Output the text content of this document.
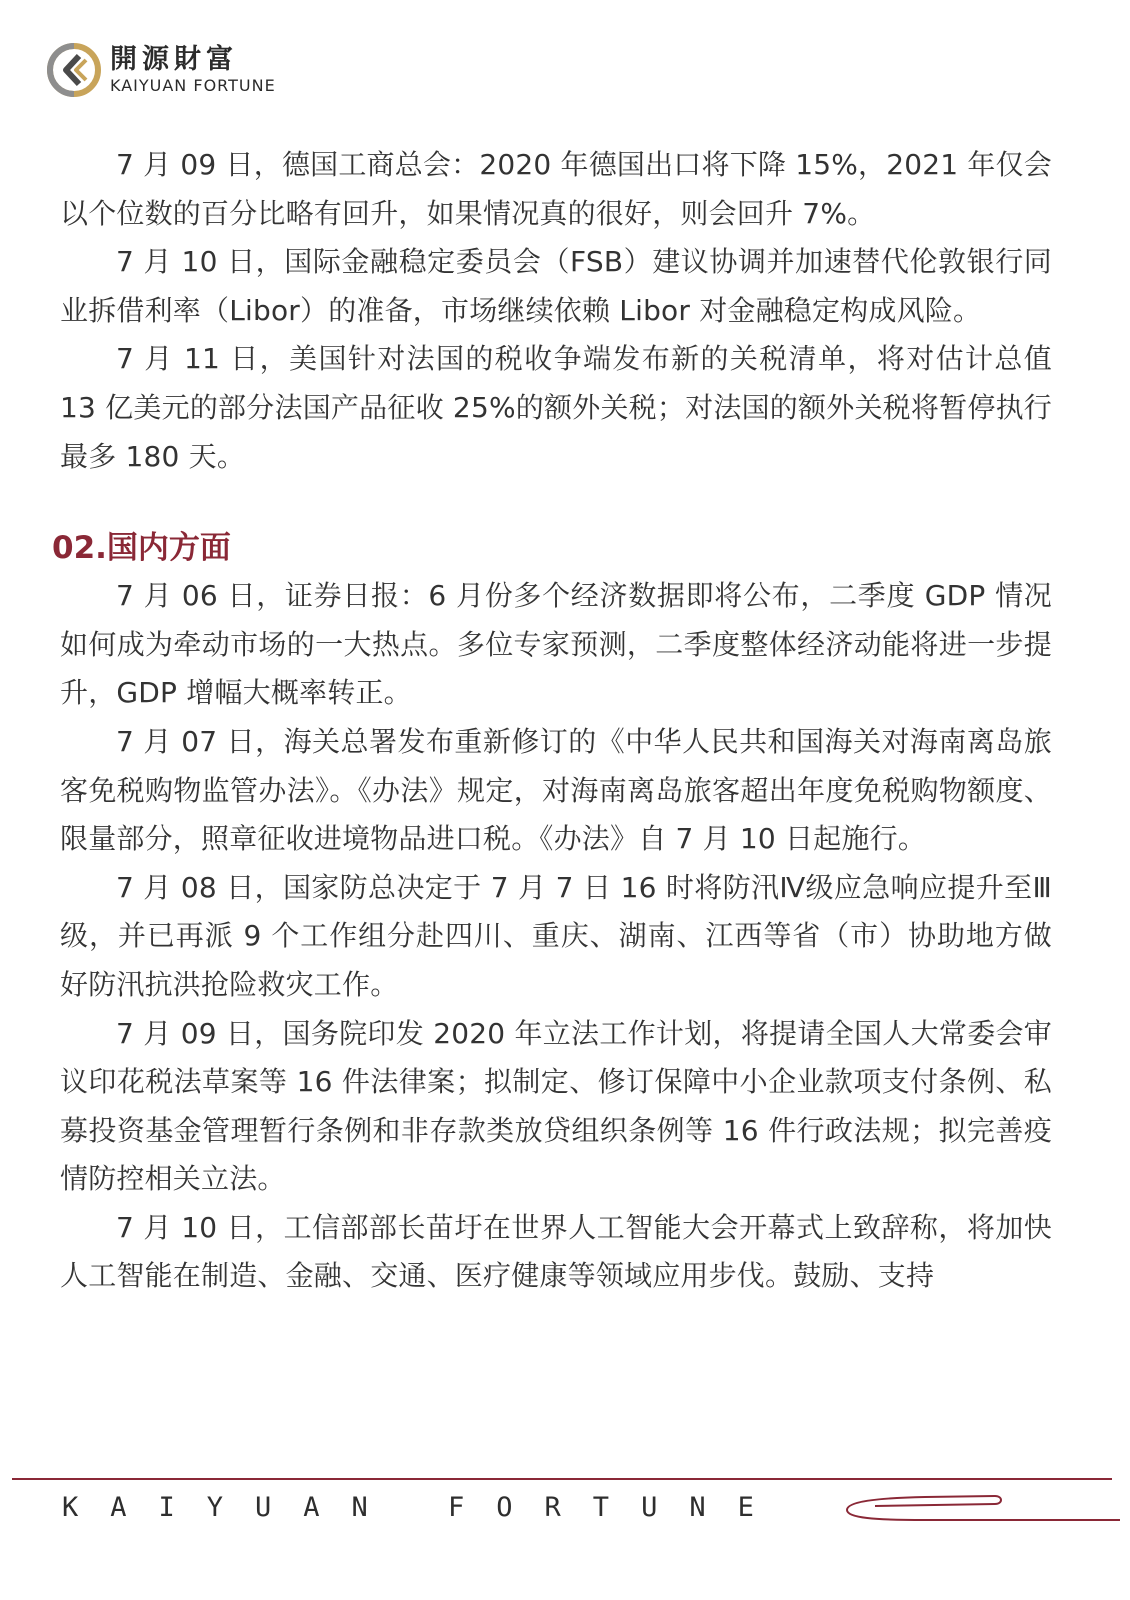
開源財富
KAIYUAN FORTUNE

7 月 09 日，德国工商总会：2020 年德国出口将下降 15%，2021 年仅会以个位数的百分比略有回升，如果情况真的很好，则会回升 7%。

7 月 10 日，国际金融稳定委员会（FSB）建议协调并加速替代伦敦银行同业拆借利率（Libor）的准备，市场继续依赖 Libor 对金融稳定构成风险。

7 月 11 日，美国针对法国的税收争端发布新的关税清单，将对估计总值 13 亿美元的部分法国产品征收 25%的额外关税；对法国的额外关税将暂停执行最多 180 天。

02.国内方面

7 月 06 日，证券日报：6 月份多个经济数据即将公布，二季度 GDP 情况如何成为牵动市场的一大热点。多位专家预测，二季度整体经济动能将进一步提升，GDP 增幅大概率转正。

7 月 07 日，海关总署发布重新修订的《中华人民共和国海关对海南离岛旅客免税购物监管办法》。《办法》规定，对海南离岛旅客超出年度免税购物额度、限量部分，照章征收进境物品进口税。《办法》自 7 月 10 日起施行。

7 月 08 日，国家防总决定于 7 月 7 日 16 时将防汛Ⅳ级应急响应提升至Ⅲ级，并已再派 9 个工作组分赴四川、重庆、湖南、江西等省（市）协助地方做好防汛抗洪抢险救灾工作。

7 月 09 日，国务院印发 2020 年立法工作计划，将提请全国人大常委会审议印花税法草案等 16 件法律案；拟制定、修订保障中小企业款项支付条例、私募投资基金管理暂行条例和非存款类放贷组织条例等 16 件行政法规；拟完善疫情防控相关立法。

7 月 10 日，工信部部长苗圩在世界人工智能大会开幕式上致辞称，将加快人工智能在制造、金融、交通、医疗健康等领域应用步伐。鼓励、支持

KAIYUAN FORTUNE
